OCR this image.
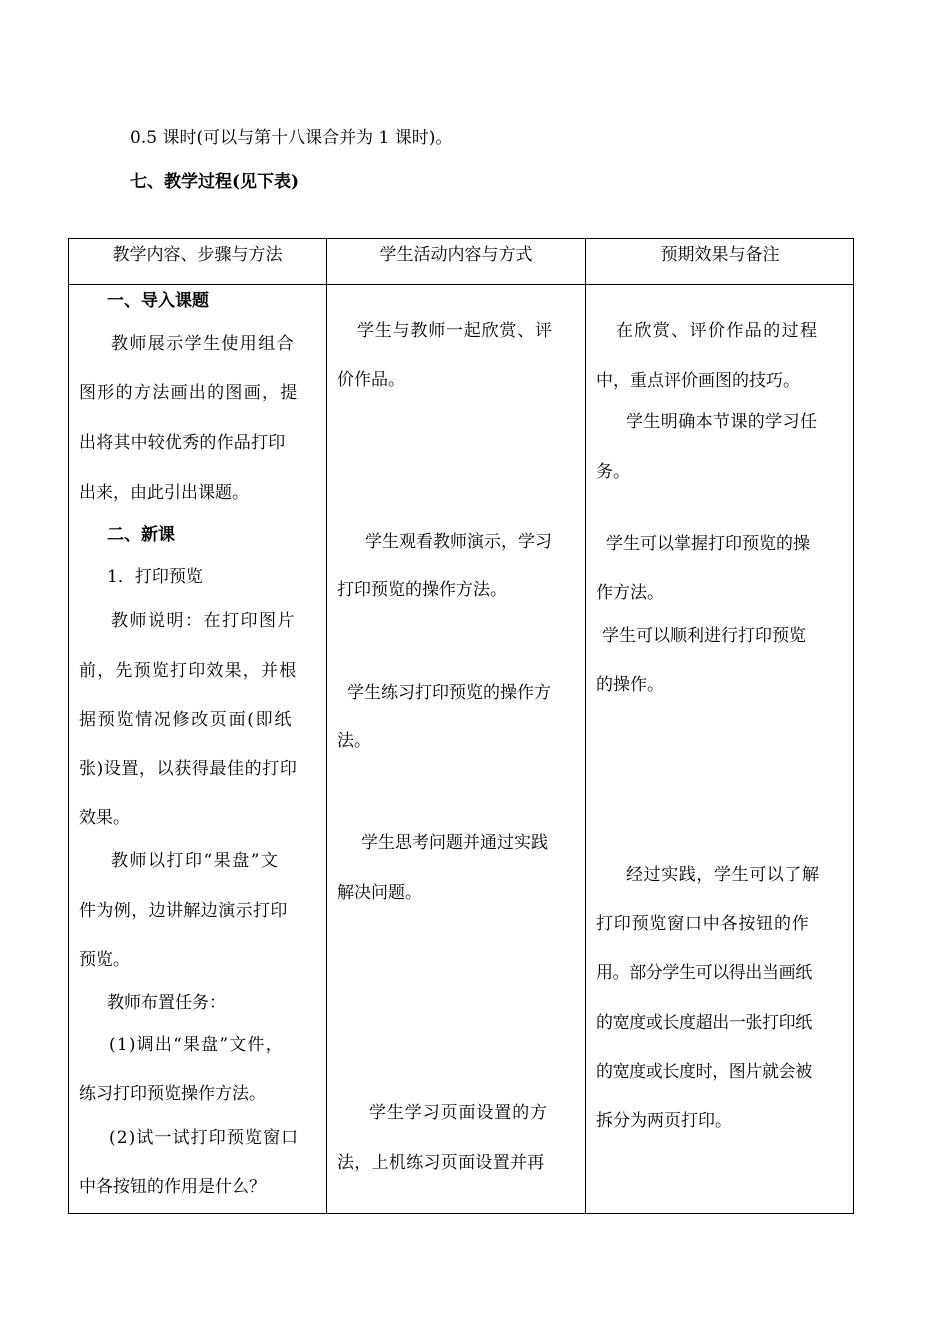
0.5 课时(可以与第十八课合并为 1 课时)。

七、教学过程(见下表)

教学内容、步骤与方法	学生活动内容与方式	预期效果与备注

一、导入课题

教师展示学生使用组合

图形的方法画出的图画，提

出将其中较优秀的作品打印

出来，由此引出课题。

二、新课

1．打印预览

教师说明：在打印图片

前，先预览打印效果，并根

据预览情况修改页面(即纸

张)设置，以获得最佳的打印

效果。

教师以打印“果盘”文

件为例，边讲解边演示打印

预览。

教师布置任务：

(1)调出“果盘”文件，

练习打印预览操作方法。

(2)试一试打印预览窗口

中各按钮的作用是什么？

学生与教师一起欣赏、评

价作品。

学生观看教师演示，学习

打印预览的操作方法。

学生练习打印预览的操作方

法。

学生思考问题并通过实践

解决问题。

学生学习页面设置的方

法，上机练习页面设置并再

在欣赏、评价作品的过程

中，重点评价画图的技巧。

学生明确本节课的学习任

务。

学生可以掌握打印预览的操

作方法。

学生可以顺利进行打印预览

的操作。

经过实践，学生可以了解

打印预览窗口中各按钮的作

用。部分学生可以得出当画纸

的宽度或长度超出一张打印纸

的宽度或长度时，图片就会被

拆分为两页打印。
